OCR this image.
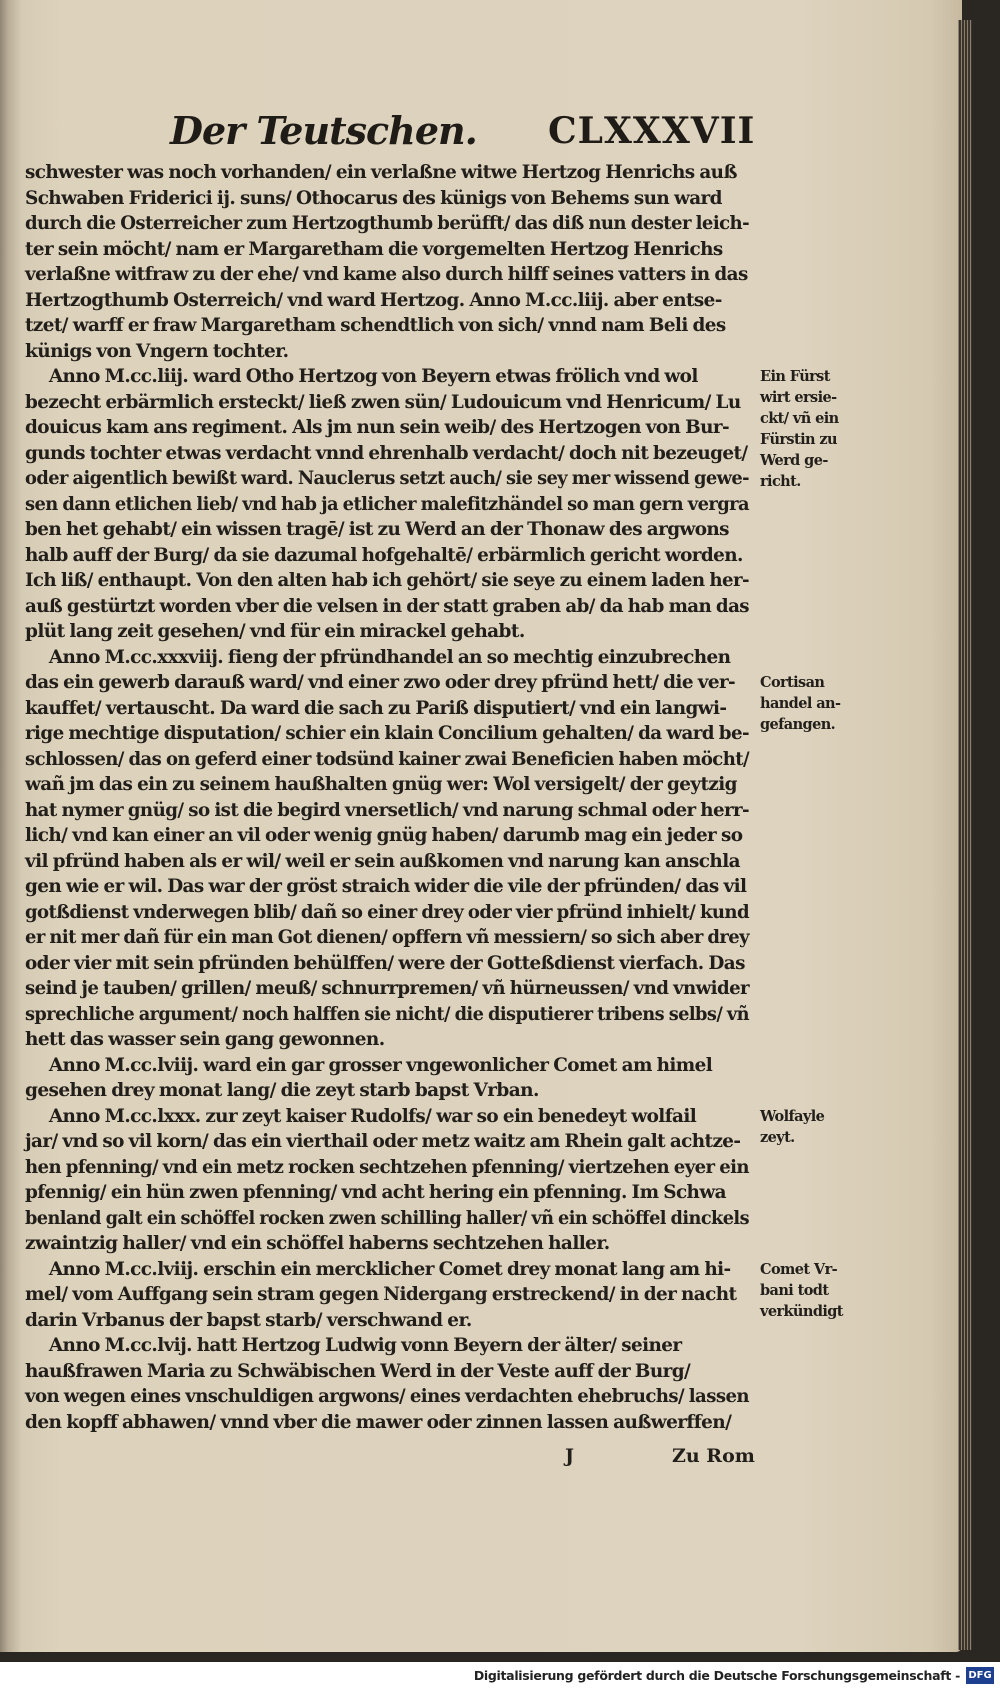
Der Teutschen. CLXXXVII
schwester was noch vorhanden/ ein verlaßne witwe Hertzog Henrichs auß
Schwaben Friderici ij. suns/ Othocarus des künigs von Behems sun ward
durch die Osterreicher zum Hertzogthumb berüfft/ das diß nun dester leich-
ter sein möcht/ nam er Margaretham die vorgemelten Hertzog Henrichs
verlaßne witfraw zu der ehe/ vnd kame also durch hilff seines vatters in das
Hertzogthumb Osterreich/ vnd ward Hertzog. Anno M.cc.liij. aber entse-
tzet/ warff er fraw Margaretham schendtlich von sich/ vnnd nam Beli des
künigs von Vngern tochter.
Anno M.cc.liij. ward Otho Hertzog von Beyern etwas frölich vnd wol
bezecht erbärmlich ersteckt/ ließ zwen sün/ Ludouicum vnd Henricum/ Lu
douicus kam ans regiment. Als jm nun sein weib/ des Hertzogen von Bur-
gunds tochter etwas verdacht vnnd ehrenhalb verdacht/ doch nit bezeuget/
oder aigentlich bewißt ward. Nauclerus setzt auch/ sie sey mer wissend gewe-
sen dann etlichen lieb/ vnd hab ja etlicher malefitzhändel so man gern vergra
ben het gehabt/ ein wissen tragē/ ist zu Werd an der Thonaw des argwons
halb auff der Burg/ da sie dazumal hofgehaltē/ erbärmlich gericht worden.
Ich liß/ enthaupt. Von den alten hab ich gehört/ sie seye zu einem laden her-
auß gestürtzt worden vber die velsen in der statt graben ab/ da hab man das
plüt lang zeit gesehen/ vnd für ein mirackel gehabt.
Anno M.cc.xxxviij. fieng der pfründhandel an so mechtig einzubrechen
das ein gewerb darauß ward/ vnd einer zwo oder drey pfründ hett/ die ver-
kauffet/ vertauscht. Da ward die sach zu Pariß disputiert/ vnd ein langwi-
rige mechtige disputation/ schier ein klain Concilium gehalten/ da ward be-
schlossen/ das on geferd einer todsünd kainer zwai Beneficien haben möcht/
wañ jm das ein zu seinem haußhalten gnüg wer: Wol versigelt/ der geytzig
hat nymer gnüg/ so ist die begird vnersetlich/ vnd narung schmal oder herr-
lich/ vnd kan einer an vil oder wenig gnüg haben/ darumb mag ein jeder so
vil pfründ haben als er wil/ weil er sein außkomen vnd narung kan anschla
gen wie er wil. Das war der gröst straich wider die vile der pfründen/ das vil
gotßdienst vnderwegen blib/ dañ so einer drey oder vier pfründ inhielt/ kund
er nit mer dañ für ein man Got dienen/ opffern vñ messiern/ so sich aber drey
oder vier mit sein pfründen behülffen/ were der Gotteßdienst vierfach. Das
seind je tauben/ grillen/ meuß/ schnurrpremen/ vñ hürneussen/ vnd vnwider
sprechliche argument/ noch halffen sie nicht/ die disputierer tribens selbs/ vñ
hett das wasser sein gang gewonnen.
Anno M.cc.lviij. ward ein gar grosser vngewonlicher Comet am himel
gesehen drey monat lang/ die zeyt starb bapst Vrban.
Anno M.cc.lxxx. zur zeyt kaiser Rudolfs/ war so ein benedeyt wolfail
jar/ vnd so vil korn/ das ein vierthail oder metz waitz am Rhein galt achtze-
hen pfenning/ vnd ein metz rocken sechtzehen pfenning/ viertzehen eyer ein
pfennig/ ein hün zwen pfenning/ vnd acht hering ein pfenning. Im Schwa
benland galt ein schöffel rocken zwen schilling haller/ vñ ein schöffel dinckels
zwaintzig haller/ vnd ein schöffel haberns sechtzehen haller.
Anno M.cc.lviij. erschin ein mercklicher Comet drey monat lang am hi-
mel/ vom Auffgang sein stram gegen Nidergang erstreckend/ in der nacht
darin Vrbanus der bapst starb/ verschwand er.
Anno M.cc.lvij. hatt Hertzog Ludwig vonn Beyern der älter/ seiner
haußfrawen Maria zu Schwäbischen Werd in der Veste auff der Burg/
von wegen eines vnschuldigen argwons/ eines verdachten ehebruchs/ lassen
den kopff abhawen/ vnnd vber die mawer oder zinnen lassen außwerffen/
Ein Fürst
wirt ersie-
ckt/ vñ ein
Fürstin zu
Werd ge-
richt.
Cortisan
handel an-
gefangen.
Wolfayle
zeyt.
Comet Vr-
bani todt
verkündigt
J	Zu Rom
Digitalisierung gefördert durch die Deutsche Forschungsgemeinschaft - DFG
